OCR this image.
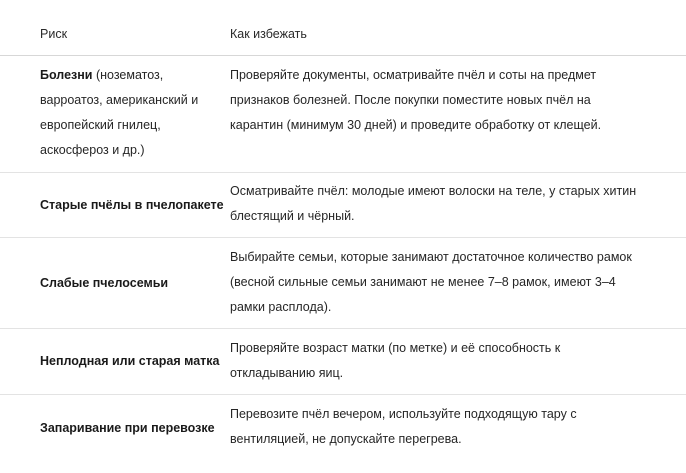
Риск	Как избежать
Болезни (нозематоз, варроатоз, американский и европейский гнилец, аскосфероз и др.)
Проверяйте документы, осматривайте пчёл и соты на предмет признаков болезней. После покупки поместите новых пчёл на карантин (минимум 30 дней) и проведите обработку от клещей.
Старые пчёлы в пчелопакете
Осматривайте пчёл: молодые имеют волоски на теле, у старых хитин блестящий и чёрный.
Слабые пчелосемьи
Выбирайте семьи, которые занимают достаточное количество рамок (весной сильные семьи занимают не менее 7–8 рамок, имеют 3–4 рамки расплода).
Неплодная или старая матка
Проверяйте возраст матки (по метке) и её способность к откладыванию яиц.
Запаривание при перевозке
Перевозите пчёл вечером, используйте подходящую тару с вентиляцией, не допускайте перегрева.
